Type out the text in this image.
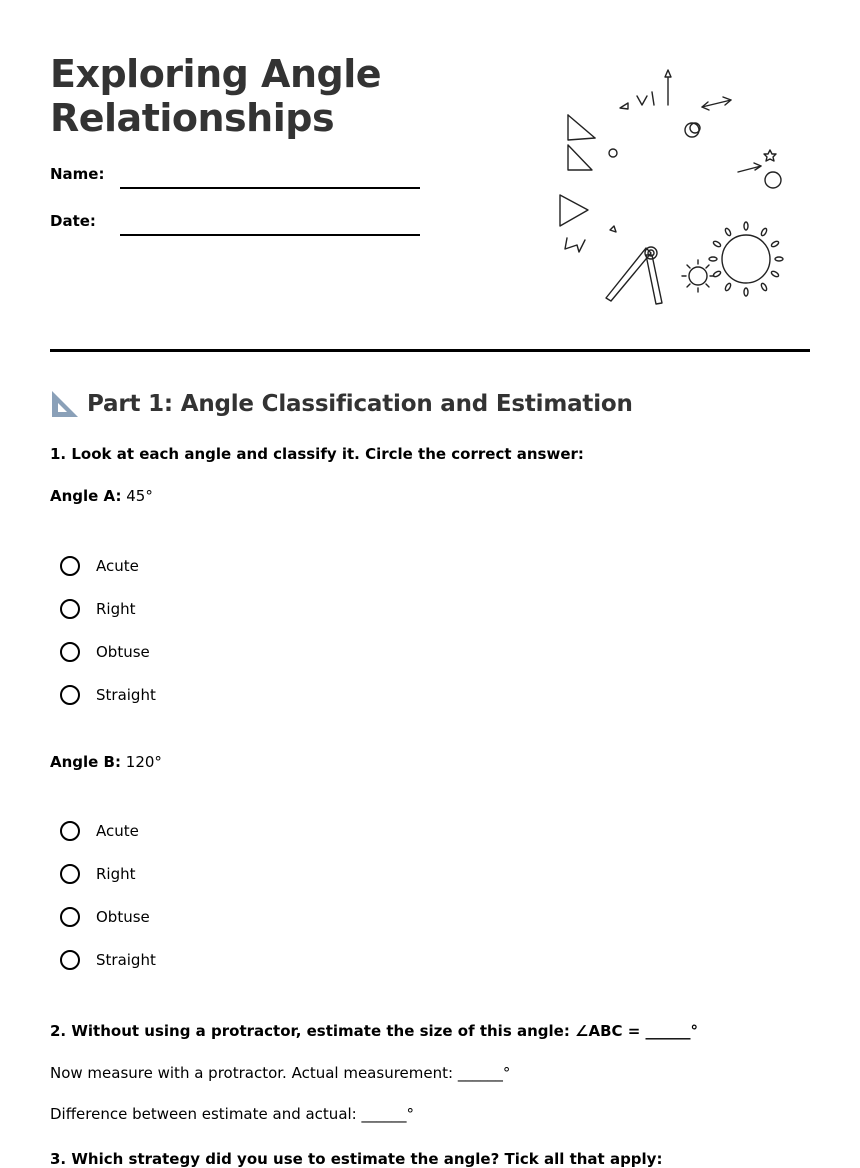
Exploring Angle
Relationships
Name:
Date:
Part 1: Angle Classification and Estimation
1. Look at each angle and classify it. Circle the correct answer:
Angle A: 45°
Acute
Right
Obtuse
Straight
Angle B: 120°
Acute
Right
Obtuse
Straight
2. Without using a protractor, estimate the size of this angle: ∠ABC = ______°
Now measure with a protractor. Actual measurement: ______°
Difference between estimate and actual: ______°
3. Which strategy did you use to estimate the angle? Tick all that apply:
